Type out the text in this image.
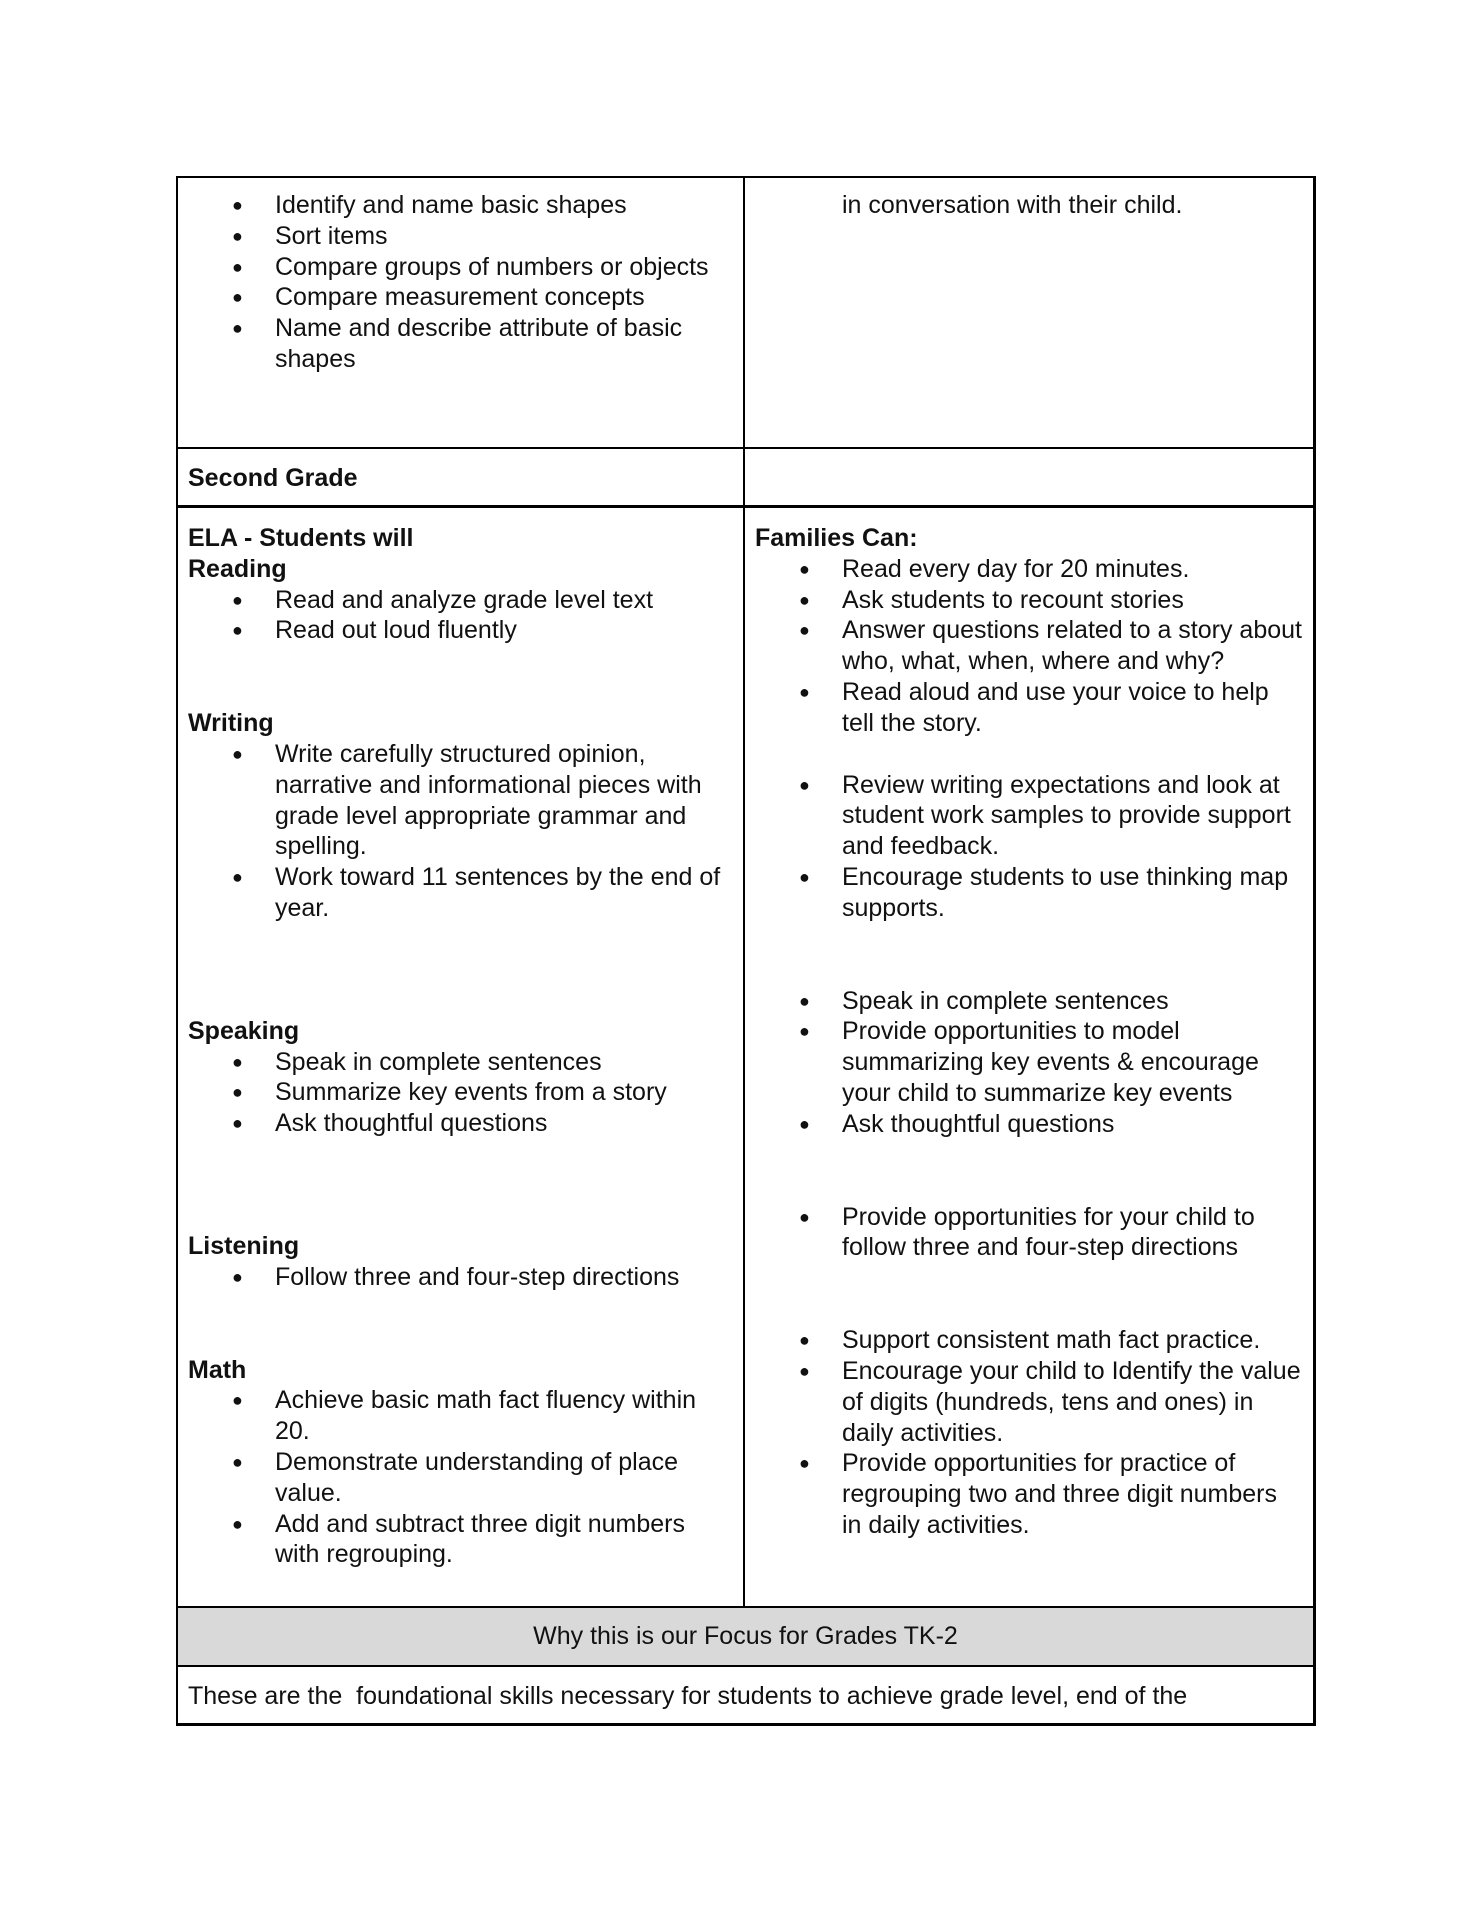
● Identify and name basic shapes
● Sort items
● Compare groups of numbers or objects
● Compare measurement concepts
● Name and describe attribute of basic shapes
in conversation with their child.
Second Grade
ELA - Students will
Reading
● Read and analyze grade level text
● Read out loud fluently
Writing
● Write carefully structured opinion, narrative and informational pieces with grade level appropriate grammar and spelling.
● Work toward 11 sentences by the end of year.
Speaking
● Speak in complete sentences
● Summarize key events from a story
● Ask thoughtful questions
Listening
● Follow three and four-step directions
Math
● Achieve basic math fact fluency within 20.
● Demonstrate understanding of place value.
● Add and subtract three digit numbers with regrouping.
Families Can:
● Read every day for 20 minutes.
● Ask students to recount stories
● Answer questions related to a story about who, what, when, where and why?
● Read aloud and use your voice to help tell the story.
● Review writing expectations and look at student work samples to provide support and feedback.
● Encourage students to use thinking map supports.
● Speak in complete sentences
● Provide opportunities to model summarizing key events & encourage your child to summarize key events
● Ask thoughtful questions
● Provide opportunities for your child to follow three and four-step directions
● Support consistent math fact practice.
● Encourage your child to Identify the value of digits (hundreds, tens and ones) in daily activities.
● Provide opportunities for practice of regrouping two and three digit numbers in daily activities.
Why this is our Focus for Grades TK-2
These are the  foundational skills necessary for students to achieve grade level, end of the
